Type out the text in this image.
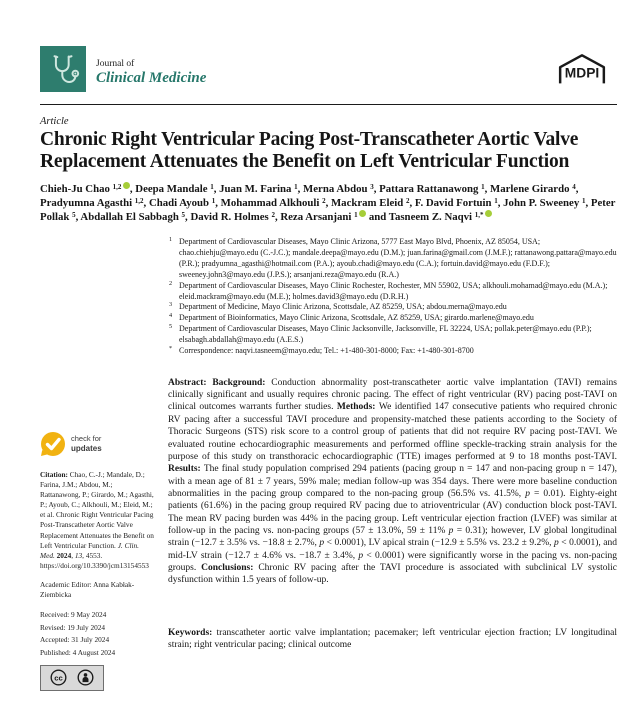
Journal of
Clinical Medicine	MDPI
Article
Chronic Right Ventricular Pacing Post-Transcatheter Aortic Valve Replacement Attenuates the Benefit on Left Ventricular Function
Chieh-Ju Chao $^{1,2}$ , Deepa Mandale $^1$, Juan M. Farina $^1$, Merna Abdou $^3$, Pattara Rattanawong $^1$, Marlene Girardo $^4$, Pradyumna Agasthi $^{1,2}$, Chadi Ayoub $^1$, Mohammad Alkhouli $^2$, Mackram Eleid $^2$, F. David Fortuin $^1$, John P. Sweeney $^1$, Peter Pollak $^5$, Abdallah El Sabbagh $^5$, David R. Holmes $^2$, Reza Arsanjani $^1$ and Tasneem Z. Naqvi $^{1,*}$
check for
updates
Citation: Chao, C.-J.; Mandale, D.; Farina, J.M.; Abdou, M.; Rattanawong, P.; Girardo, M.; Agasthi, P.; Ayoub, C.; Alkhouli, M.; Eleid, M.; et al. Chronic Right Ventricular Pacing Post-Transcatheter Aortic Valve Replacement Attenuates the Benefit on Left Ventricular Function. J. Clin. Med. 2024, 13, 4553. https://doi.org/10.3390/jcm13154553
Academic Editor: Anna Kabłak-Ziembicka
Received: 9 May 2024
Revised: 19 July 2024
Accepted: 31 July 2024
Published: 4 August 2024
cc
1 Department of Cardiovascular Diseases, Mayo Clinic Arizona, 5777 East Mayo Blvd, Phoenix, AZ 85054, USA; chao.chiehju@mayo.edu (C.-J.C.); mandale.deepa@mayo.edu (D.M.); juan.farina@gmail.com (J.M.F.); rattanawong.pattara@mayo.edu (P.R.); pradyumna_agasthi@hotmail.com (P.A.); ayoub.chadi@mayo.edu (C.A.); fortuin.david@mayo.edu (F.D.F.); sweeney.john3@mayo.edu (J.P.S.); arsanjani.reza@mayo.edu (R.A.)
2 Department of Cardiovascular Diseases, Mayo Clinic Rochester, Rochester, MN 55902, USA; alkhouli.mohamad@mayo.edu (M.A.); eleid.mackram@mayo.edu (M.E.); holmes.david3@mayo.edu (D.R.H.)
3 Department of Medicine, Mayo Clinic Arizona, Scottsdale, AZ 85259, USA; abdou.merna@mayo.edu
4 Department of Bioinformatics, Mayo Clinic Arizona, Scottsdale, AZ 85259, USA; girardo.marlene@mayo.edu
5 Department of Cardiovascular Diseases, Mayo Clinic Jacksonville, Jacksonville, FL 32224, USA; pollak.peter@mayo.edu (P.P.); elsabagh.abdallah@mayo.edu (A.E.S.)
* Correspondence: naqvi.tasneem@mayo.edu; Tel.: +1-480-301-8000; Fax: +1-480-301-8700

Abstract: Background: Conduction abnormality post-transcatheter aortic valve implantation (TAVI) remains clinically significant and usually requires chronic pacing. The effect of right ventricular (RV) pacing post-TAVI on clinical outcomes warrants further studies. Methods: We identified 147 consecutive patients who required chronic RV pacing after a successful TAVI procedure and propensity-matched these patients according to the Society of Thoracic Surgeons (STS) risk score to a control group of patients that did not require RV pacing post-TAVI. We evaluated routine echocardiographic measurements and performed offline speckle-tracking strain analysis for the purpose of this study on transthoracic echocardiographic (TTE) images performed at 9 to 18 months post-TAVI. Results: The final study population comprised 294 patients (pacing group n = 147 and non-pacing group n = 147), with a mean age of 81 ± 7 years, 59% male; median follow-up was 354 days. There were more baseline conduction abnormalities in the pacing group compared to the non-pacing group (56.5% vs. 41.5%, p = 0.01). Eighty-eight patients (61.6%) in the pacing group required RV pacing due to atrioventricular (AV) conduction block post-TAVI. The mean RV pacing burden was 44% in the pacing group. Left ventricular ejection fraction (LVEF) was similar at follow-up in the pacing vs. non-pacing groups (57 ± 13.0%, 59 ± 11% p = 0.31); however, LV global longitudinal strain (−12.7 ± 3.5% vs. −18.8 ± 2.7%, p < 0.0001), LV apical strain (−12.9 ± 5.5% vs. 23.2 ± 9.2%, p < 0.0001), and mid-LV strain (−12.7 ± 4.6% vs. −18.7 ± 3.4%, p < 0.0001) were significantly worse in the pacing vs. non-pacing groups. Conclusions: Chronic RV pacing after the TAVI procedure is associated with subclinical LV systolic dysfunction within 1.5 years of follow-up.

Keywords: transcatheter aortic valve implantation; pacemaker; left ventricular ejection fraction; LV longitudinal strain; right ventricular pacing; clinical outcome
